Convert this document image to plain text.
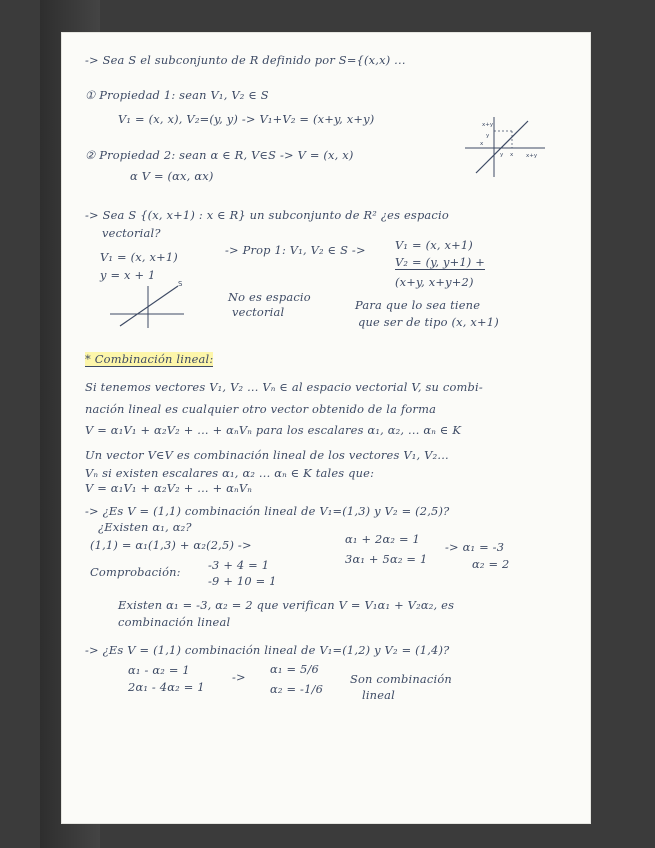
-> Sea S el subconjunto de R definido por S={(x,x) ...
① Propiedad 1: sean V₁, V₂ ∈ S
V₁ = (x, x), V₂=(y, y) -> V₁+V₂ = (x+y, x+y)
② Propiedad 2: sean α ∈ R, V∈S -> V = (x, x)
α V = (αx, αx)
x+y
y
x
y x x+y
-> Sea S {(x, x+1) : x ∈ R} un subconjunto de R² ¿es espacio
vectorial?
V₁ = (x, x+1)
y = x + 1
-> Prop 1: V₁, V₂ ∈ S ->	V₁ = (x, x+1)
V₂ = (y, y+1) +
(x+y, x+y+2)
S
No es espacio
vectorial	Para que lo sea tiene
que ser de tipo (x, x+1)
* Combinación lineal:
Si tenemos vectores V₁, V₂ ... Vₙ ∈ al espacio vectorial V, su combi-
nación lineal es cualquier otro vector obtenido de la forma
V = α₁V₁ + α₂V₂ + ... + αₙVₙ para los escalares α₁, α₂, ... αₙ ∈ K
Un vector V∈V es combinación lineal de los vectores V₁, V₂...
Vₙ si existen escalares α₁, α₂ ... αₙ ∈ K tales que:
V = α₁V₁ + α₂V₂ + ... + αₙVₙ
-> ¿Es V = (1,1) combinación lineal de V₁=(1,3) y V₂ = (2,5)?
¿Existen α₁, α₂?
(1,1) = α₁(1,3) + α₂(2,5) ->	α₁ + 2α₂ = 1
3α₁ + 5α₂ = 1
-> α₁ = -3
α₂ = 2
Comprobación: -3 + 4 = 1
-9 + 10 = 1
Existen α₁ = -3, α₂ = 2 que verifican V = V₁α₁ + V₂α₂, es
combinación lineal
-> ¿Es V = (1,1) combinación lineal de V₁=(1,2) y V₂ = (1,4)?
α₁ - α₂ = 1
2α₁ - 4α₂ = 1
->
α₁ = 5/6
α₂ = -1/6
Son combinación
lineal
